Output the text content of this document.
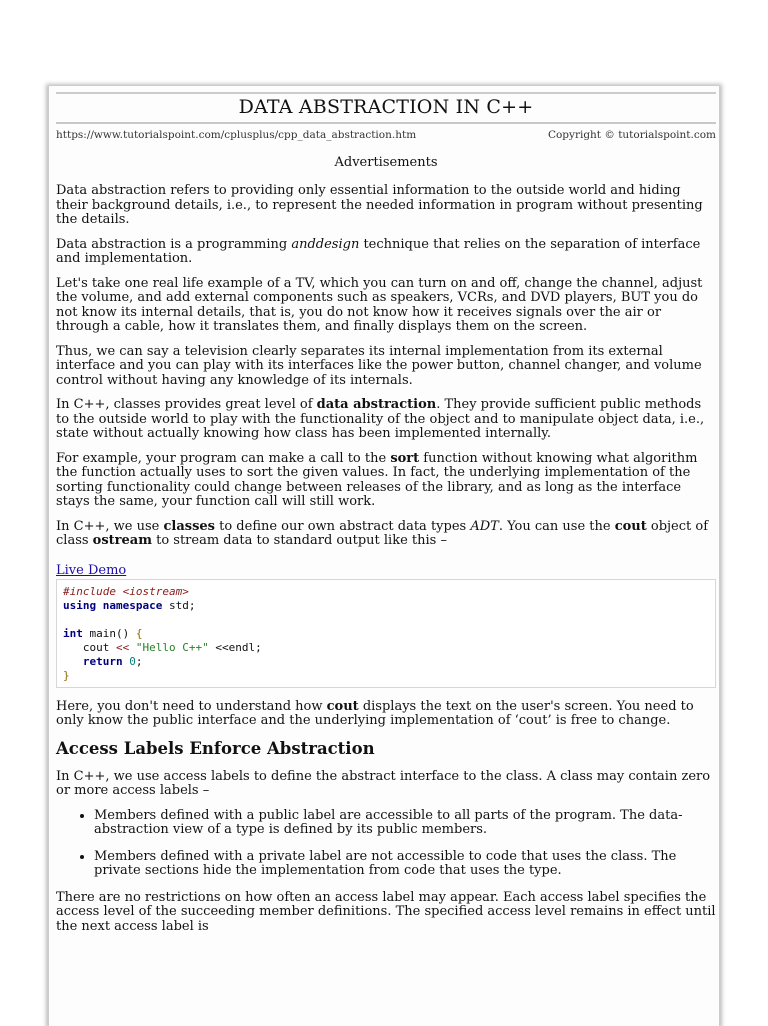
DATA ABSTRACTION IN C++
https://www.tutorialspoint.com/cplusplus/cpp_data_abstraction.htm	Copyright © tutorialspoint.com
Advertisements

Data abstraction refers to providing only essential information to the outside world and hiding their background details, i.e., to represent the needed information in program without presenting the details.

Data abstraction is a programming anddesign technique that relies on the separation of interface and implementation.

Let's take one real life example of a TV, which you can turn on and off, change the channel, adjust the volume, and add external components such as speakers, VCRs, and DVD players, BUT you do not know its internal details, that is, you do not know how it receives signals over the air or through a cable, how it translates them, and finally displays them on the screen.

Thus, we can say a television clearly separates its internal implementation from its external interface and you can play with its interfaces like the power button, channel changer, and volume control without having any knowledge of its internals.

In C++, classes provides great level of data abstraction. They provide sufficient public methods to the outside world to play with the functionality of the object and to manipulate object data, i.e., state without actually knowing how class has been implemented internally.

For example, your program can make a call to the sort function without knowing what algorithm the function actually uses to sort the given values. In fact, the underlying implementation of the sorting functionality could change between releases of the library, and as long as the interface stays the same, your function call will still work.

In C++, we use classes to define our own abstract data types ADT. You can use the cout object of class ostream to stream data to standard output like this –

Live Demo
#include <iostream>
using namespace std;

int main() {
cout << "Hello C++" <<endl;
return 0;
}

Here, you don't need to understand how cout displays the text on the user's screen. You need to only know the public interface and the underlying implementation of ‘cout’ is free to change.

Access Labels Enforce Abstraction

In C++, we use access labels to define the abstract interface to the class. A class may contain zero or more access labels –

• Members defined with a public label are accessible to all parts of the program. The data-abstraction view of a type is defined by its public members.
• Members defined with a private label are not accessible to code that uses the class. The private sections hide the implementation from code that uses the type.

There are no restrictions on how often an access label may appear. Each access label specifies the access level of the succeeding member definitions. The specified access level remains in effect until the next access label is
